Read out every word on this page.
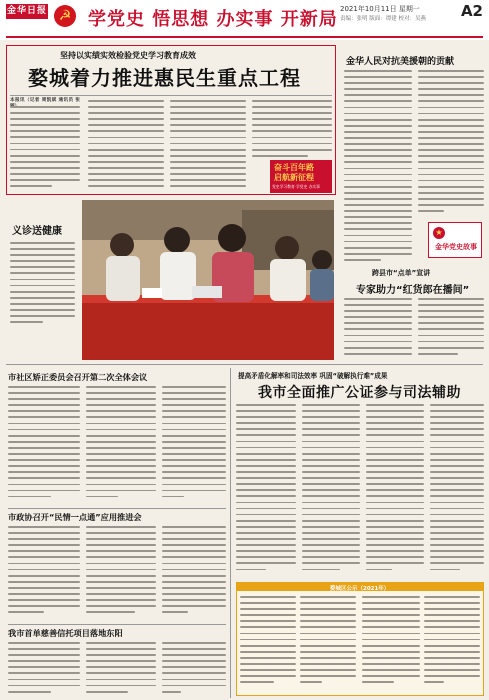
金华日报 ☭ 学党史 悟思想 办实事 开新局 2021年10月11日 星期一
责编：张明 版面：谭建 校对：吴燕 A2
坚持以实绩实效检验党史学习教育成效
婺城着力推进惠民生重点工程
本报讯（记者 周凯斌 通讯员 张
奋斗百年路
启航新征程
党史学习教育·学党史 办实事
金华人民对抗美援朝的贡献
★
金华党史故事
义诊送健康
跨县市“点单”宣讲
专家助力“红货郎在播间”
市社区矫正委员会召开第二次全体会议
市政协召开“民情一点通”应用推进会
我市首单慈善信托项目落地东阳
提高矛盾化解率和司法效率 巩固“破解执行难”成果
我市全面推广公证参与司法辅助
婺城区公示（2021年）
